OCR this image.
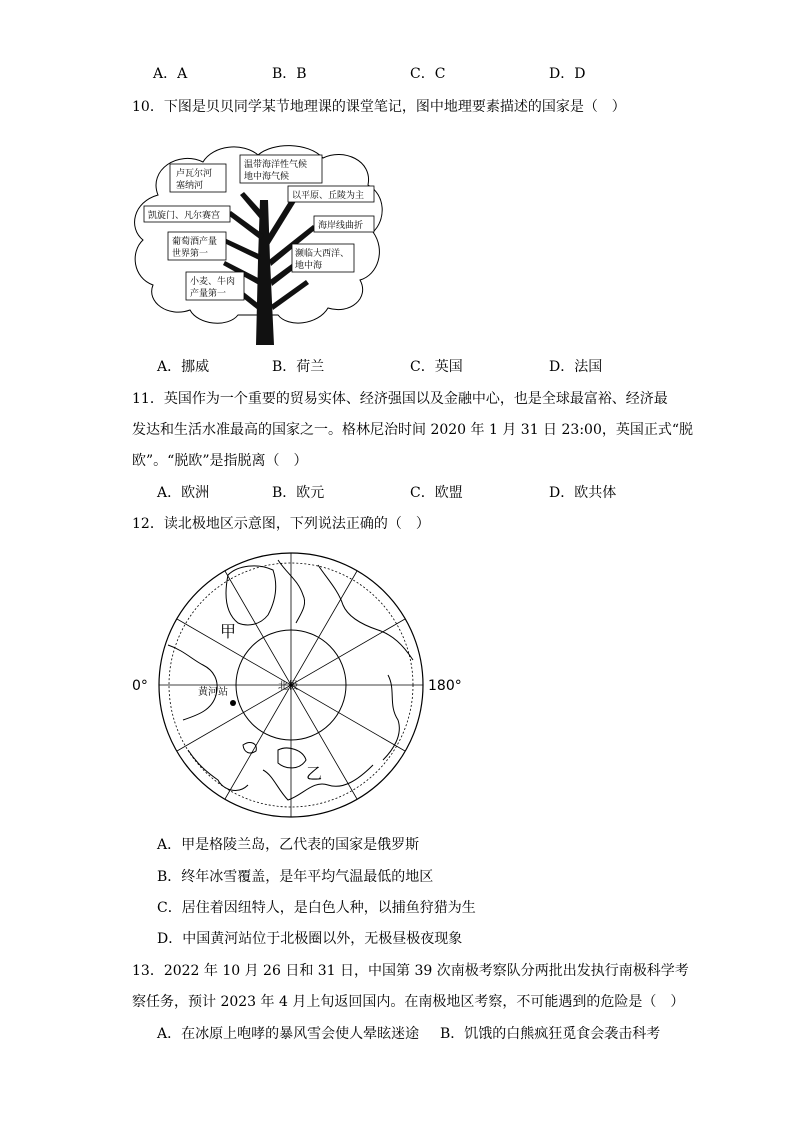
A．A	B．B	C．C	D．D
10．下图是贝贝同学某节地理课的课堂笔记，图中地理要素描述的国家是（　）
卢瓦尔河
塞纳河
温带海洋性气候
地中海气候
以平原、丘陵为主
凯旋门、凡尔赛宫
海岸线曲折
葡萄酒产量
世界第一	濒临大西洋、
地中海
小麦、牛肉
产量第一
A．挪威	B．荷兰	C．英国	D．法国
11．英国作为一个重要的贸易实体、经济强国以及金融中心，也是全球最富裕、经济最
发达和生活水准最高的国家之一。格林尼治时间 2020 年 1 月 31 日 23:00，英国正式“脱
欧”。“脱欧”是指脱离（　）
A．欧洲	B．欧元	C．欧盟	D．欧共体
12．读北极地区示意图，下列说法正确的（　）
甲
乙
北极
黄河站
0°	180°
A．甲是格陵兰岛，乙代表的国家是俄罗斯
B．终年冰雪覆盖，是年平均气温最低的地区
C．居住着因纽特人，是白色人种，以捕鱼狩猎为生
D．中国黄河站位于北极圈以外，无极昼极夜现象
13．2022 年 10 月 26 日和 31 日，中国第 39 次南极考察队分两批出发执行南极科学考
察任务，预计 2023 年 4 月上旬返回国内。在南极地区考察，不可能遇到的危险是（　）
A．在冰原上咆哮的暴风雪会使人晕眩迷途 B．饥饿的白熊疯狂觅食会袭击科考
